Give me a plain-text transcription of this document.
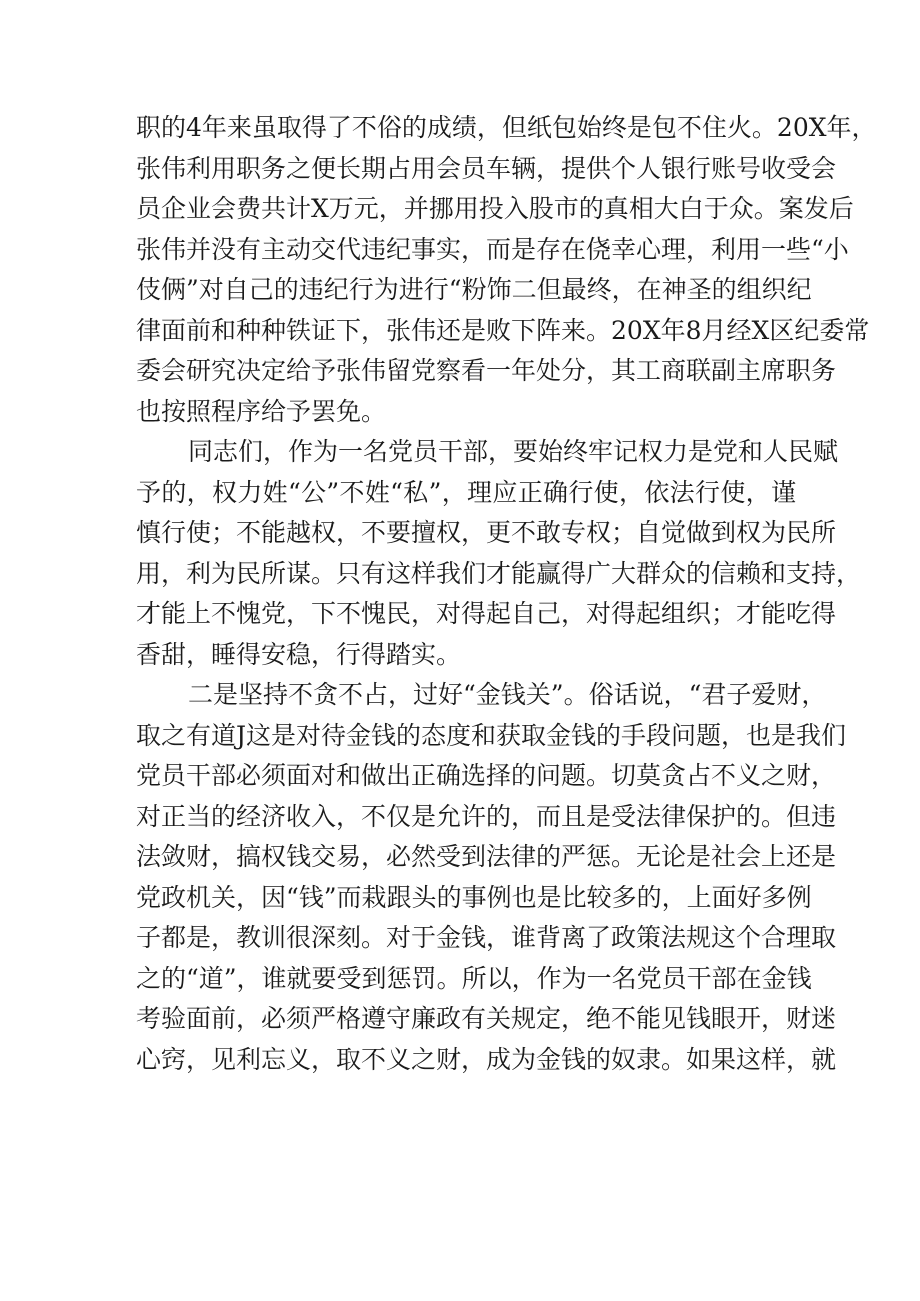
职的4年来虽取得了不俗的成绩，但纸包始终是包不住火。20X年，
张伟利用职务之便长期占用会员车辆，提供个人银行账号收受会
员企业会费共计X万元，并挪用投入股市的真相大白于众。案发后
张伟并没有主动交代违纪事实，而是存在侥幸心理，利用一些“小
伎俩”对自己的违纪行为进行“粉饰二但最终，在神圣的组织纪
律面前和种种铁证下，张伟还是败下阵来。20X年8月经X区纪委常
委会研究决定给予张伟留党察看一年处分，其工商联副主席职务
也按照程序给予罢免。
同志们，作为一名党员干部，要始终牢记权力是党和人民赋
予的，权力姓“公”不姓“私”，理应正确行使，依法行使，谨
慎行使；不能越权，不要擅权，更不敢专权；自觉做到权为民所
用，利为民所谋。只有这样我们才能赢得广大群众的信赖和支持，
才能上不愧党，下不愧民，对得起自己，对得起组织；才能吃得
香甜，睡得安稳，行得踏实。
二是坚持不贪不占，过好“金钱关”。俗话说，“君子爱财，
取之有道J这是对待金钱的态度和获取金钱的手段问题，也是我们
党员干部必须面对和做出正确选择的问题。切莫贪占不义之财，
对正当的经济收入，不仅是允许的，而且是受法律保护的。但违
法敛财，搞权钱交易，必然受到法律的严惩。无论是社会上还是
党政机关，因“钱”而栽跟头的事例也是比较多的，上面好多例
子都是，教训很深刻。对于金钱，谁背离了政策法规这个合理取
之的“道”，谁就要受到惩罚。所以，作为一名党员干部在金钱
考验面前，必须严格遵守廉政有关规定，绝不能见钱眼开，财迷
心窍，见利忘义，取不义之财，成为金钱的奴隶。如果这样，就
